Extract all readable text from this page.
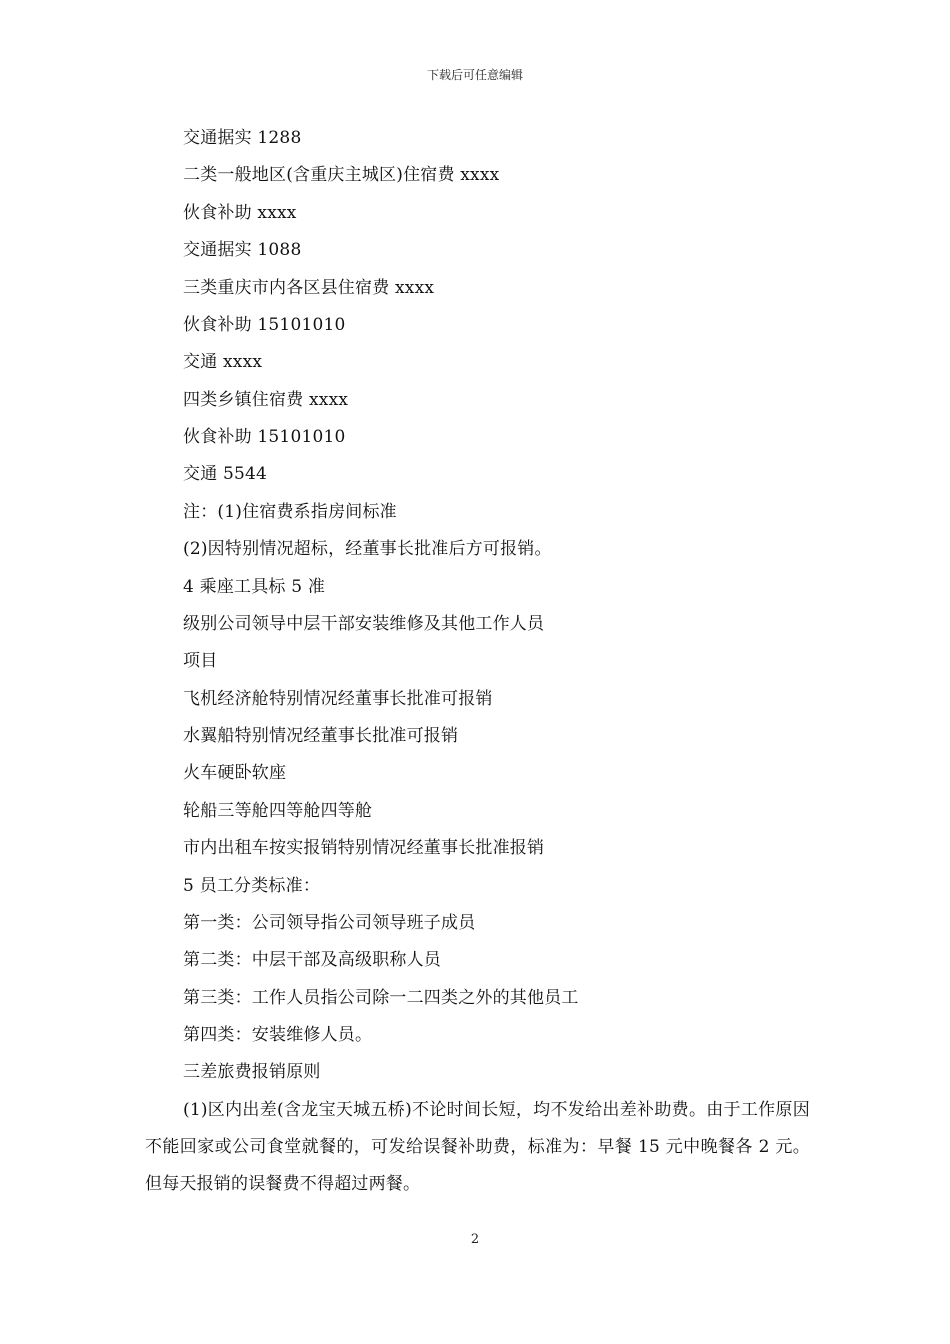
下载后可任意编辑
交通据实 1288
二类一般地区(含重庆主城区)住宿费 xxxx
伙食补助 xxxx
交通据实 1088
三类重庆市内各区县住宿费 xxxx
伙食补助 15101010
交通 xxxx
四类乡镇住宿费 xxxx
伙食补助 15101010
交通 5544
注：(1)住宿费系指房间标准
(2)因特别情况超标，经董事长批准后方可报销。
4 乘座工具标 5 准
级别公司领导中层干部安装维修及其他工作人员
项目
飞机经济舱特别情况经董事长批准可报销
水翼船特别情况经董事长批准可报销
火车硬卧软座
轮船三等舱四等舱四等舱
市内出租车按实报销特别情况经董事长批准报销
5 员工分类标准：
第一类：公司领导指公司领导班子成员
第二类：中层干部及高级职称人员
第三类：工作人员指公司除一二四类之外的其他员工
第四类：安装维修人员。
三差旅费报销原则
(1)区内出差(含龙宝天城五桥)不论时间长短，均不发给出差补助费。由于工作原因不能回家或公司食堂就餐的，可发给误餐补助费，标准为：早餐 15 元中晚餐各 2 元。但每天报销的误餐费不得超过两餐。
2
